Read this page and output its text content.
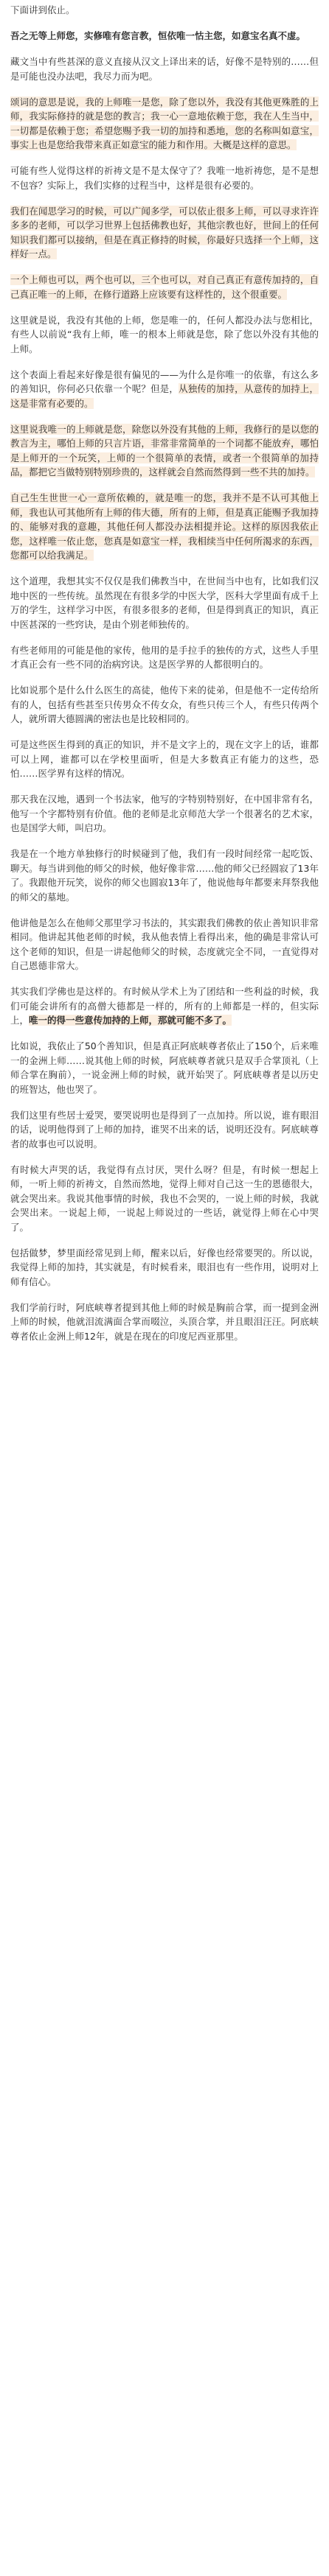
下面讲到依止。

吾之无等上师您，实修唯有您言教，恒依唯一怙主您，如意宝名真不虚。

藏文当中有些甚深的意义直接从汉文上译出来的话，好像不是特别的……但是可能也没办法吧，我尽力而为吧。

颂词的意思是说，我的上师唯一是您，除了您以外，我没有其他更殊胜的上师，我实际修持的就是您的教言；我一心一意地依赖于您，我在人生当中，一切都是依赖于您；希望您赐予我一切的加持和悉地，您的名称叫如意宝，事实上也是您给我带来真正如意宝的能力和作用。大概是这样的意思。

可能有些人觉得这样的祈祷文是不是太保守了？我唯一地祈祷您，是不是想不包容？实际上，我们实修的过程当中，这样是很有必要的。

我们在闻思学习的时候，可以广闻多学，可以依止很多上师，可以寻求许许多多的老师，可以学习世界上包括佛教也好，其他宗教也好，世间上的任何知识我们都可以接纳，但是在真正修持的时候，你最好只选择一个上师，这样好一点。

一个上师也可以，两个也可以，三个也可以，对自己真正有意传加持的，自己真正唯一的上师，在修行道路上应该要有这样性的，这个很重要。

这里就是说，我没有其他的上师，您是唯一的，任何人都没办法与您相比，有些人以前说“我有上师，唯一的根本上师就是您，除了您以外没有其他的上师。

这个表面上看起来好像是很有偏见的——为什么是你唯一的依靠，有这么多的善知识，你何必只依靠一个呢？但是，从独传的加持，从意传的加持上，这是非常有必要的。

这里说我唯一的上师就是您，除您以外没有其他的上师，我修行的是以您的教言为主，哪怕上师的只言片语，非常非常简单的一个词都不能放弃，哪怕是上师开的一个玩笑，上师的一个很简单的表情，或者一个很简单的加持品，都把它当做特别特别珍贵的，这样就会自然而然得到一些不共的加持。

自己生生世世一心一意所依赖的，就是唯一的您，我并不是不认可其他上师，我也认可其他所有上师的伟大德，所有的上师，但是真正能赐予我加持的、能够对我的意趣，其他任何人都没办法相提并论。这样的原因我依止您，这样唯一依止您，您真是如意宝一样，我相续当中任何所渴求的东西，您都可以给我满足。

这个道理，我想其实不仅仅是我们佛教当中，在世间当中也有，比如我们汉地中医的一些传统。虽然现在有很多学的中医大学，医科大学里面有成千上万的学生，这样学习中医，有很多很多的老师，但是得到真正的知识，真正中医甚深的一些窍诀，是由个别老师独传的。

有些老师用的可能是他的家传，他用的是手拉手的独传的方式，这些人手里才真正会有一些不同的治病窍诀。这是医学界的人都很明白的。

比如说那个是什么什么医生的高徒，他传下来的徒弟，但是他不一定传给所有的人，包括有些甚至只传男众不传女众，有些只传三个人，有些只传两个人，就所谓大德圆满的密法也是比较相同的。

可是这些医生得到的真正的知识，并不是文字上的，现在文字上的话，谁都可以上网，谁都可以在学校里面听，但是大多数真正有能力的这些，恐怕……医学界有这样的情况。

那天我在汉地，遇到一个书法家，他写的字特别特别好，在中国非常有名，他写一个字都特别有价值。他的老师是北京师范大学一个很著名的艺术家，也是国学大师，叫启功。

我是在一个地方单独修行的时候碰到了他，我们有一段时间经常一起吃饭、聊天。每当讲到他的师父的时候，他好像非常……他的师父已经圆寂了13年了。我跟他开玩笑，说你的师父也圆寂13年了，他说他每年都要来拜祭我他的师父的墓地。

他讲他是怎么在他师父那里学习书法的，其实跟我们佛教的依止善知识非常相同。他讲起其他老师的时候，我从他表情上看得出来，他的确是非常认可这个老师的知识，但是一讲起他师父的时候，态度就完全不同，一直觉得对自己恩德非常大。

其实我们学佛也是这样的。有时候从学术上为了团结和一些利益的时候，我们可能会讲所有的高僧大德都是一样的，所有的上师都是一样的，但实际上，唯一的得一些意传加持的上师，那就可能不多了。

比如说，我依止了50个善知识，但是真正阿底峡尊者依止了150个，后来唯一的金洲上师……说其他上师的时候，阿底峡尊者就只是双手合掌顶礼（上师合掌在胸前），一说金洲上师的时候，就开始哭了。阿底峡尊者是以历史的班智达，他也哭了。

我们这里有些居士爱哭，要哭说明也是得到了一点加持。所以说，谁有眼泪的话，说明他得到了上师的加持，谁哭不出来的话，说明还没有。阿底峡尊者的故事也可以说明。

有时候大声哭的话，我觉得有点讨厌，哭什么呀？但是，有时候一想起上师，一听上师的祈祷文，自然而然地，觉得上师对自己这一生的恩德很大，就会哭出来。我说其他事情的时候，我也不会哭的，一说上师的时候，我就会哭出来。一说起上师，一说起上师说过的一些话，就觉得上师在心中哭了。

包括做梦，梦里面经常见到上师，醒来以后，好像也经常要哭的。所以说，我觉得上师的加持，其实就是，有时候看来，眼泪也有一些作用，说明对上师有信心。

我们学前行时，阿底峡尊者提到其他上师的时候是胸前合掌，而一提到金洲上师的时候，他就泪流满面合掌而啜泣，头顶合掌，并且眼泪汪汪。阿底峡尊者依止金洲上师12年，就是在现在的印度尼西亚那里。
